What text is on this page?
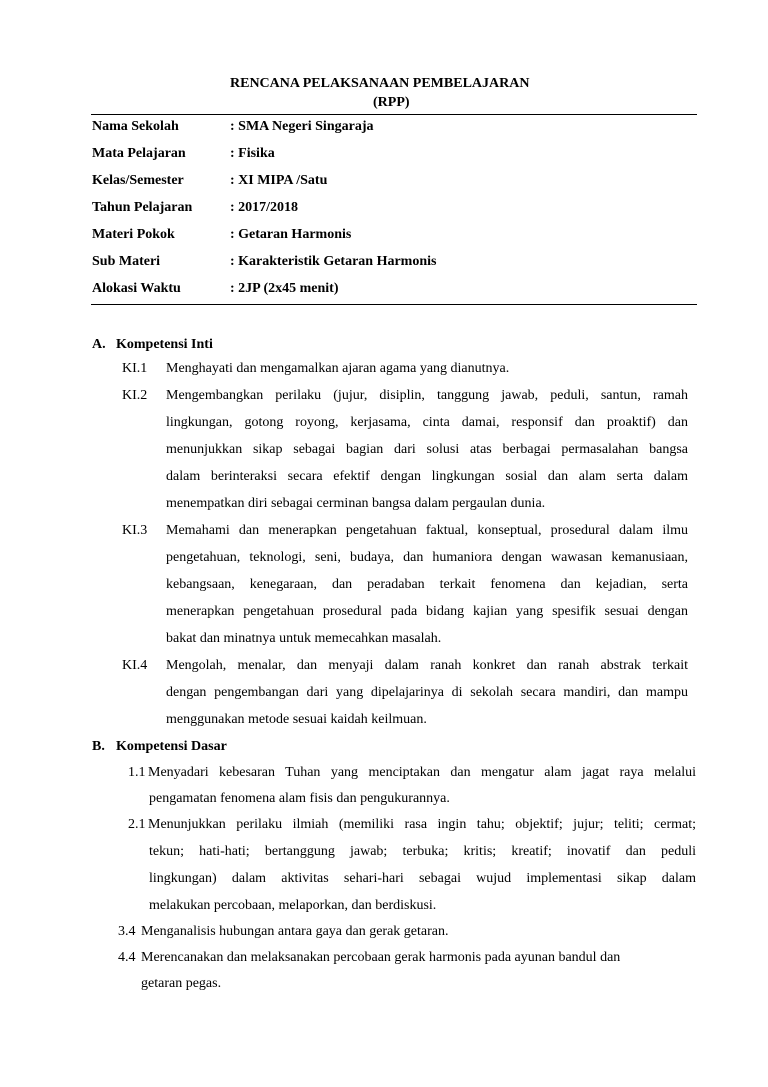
RENCANA PELAKSANAAN PEMBELAJARAN
(RPP)
Nama Sekolah	: SMA Negeri Singaraja
Mata Pelajaran	: Fisika
Kelas/Semester	: XI MIPA /Satu
Tahun Pelajaran	: 2017/2018
Materi Pokok	: Getaran Harmonis
Sub Materi	: Karakteristik Getaran Harmonis
Alokasi Waktu	: 2JP (2x45 menit)
A. Kompetensi Inti
KI.1 Menghayati dan mengamalkan ajaran agama yang dianutnya.
KI.2 Mengembangkan perilaku (jujur, disiplin, tanggung jawab, peduli, santun, ramah
lingkungan, gotong royong, kerjasama, cinta damai, responsif dan proaktif) dan
menunjukkan sikap sebagai bagian dari solusi atas berbagai permasalahan bangsa
dalam berinteraksi secara efektif dengan lingkungan sosial dan alam serta dalam
menempatkan diri sebagai cerminan bangsa dalam pergaulan dunia.
KI.3 Memahami dan menerapkan pengetahuan faktual, konseptual, prosedural dalam ilmu
pengetahuan, teknologi, seni, budaya, dan humaniora dengan wawasan kemanusiaan,
kebangsaan, kenegaraan, dan peradaban terkait fenomena dan kejadian, serta
menerapkan pengetahuan prosedural pada bidang kajian yang spesifik sesuai dengan
bakat dan minatnya untuk memecahkan masalah.
KI.4 Mengolah, menalar, dan menyaji dalam ranah konkret dan ranah abstrak terkait
dengan pengembangan dari yang dipelajarinya di sekolah secara mandiri, dan mampu
menggunakan metode sesuai kaidah keilmuan.
B. Kompetensi Dasar
1.1 Menyadari kebesaran Tuhan yang menciptakan dan mengatur alam jagat raya melalui
pengamatan fenomena alam fisis dan pengukurannya.
2.1 Menunjukkan perilaku ilmiah (memiliki rasa ingin tahu; objektif; jujur; teliti; cermat;
tekun; hati-hati; bertanggung jawab; terbuka; kritis; kreatif; inovatif dan peduli
lingkungan) dalam aktivitas sehari-hari sebagai wujud implementasi sikap dalam
melakukan percobaan, melaporkan, dan berdiskusi.
3.4 Menganalisis hubungan antara gaya dan gerak getaran.
4.4 Merencanakan dan melaksanakan percobaan gerak harmonis pada ayunan bandul dan
getaran pegas.
